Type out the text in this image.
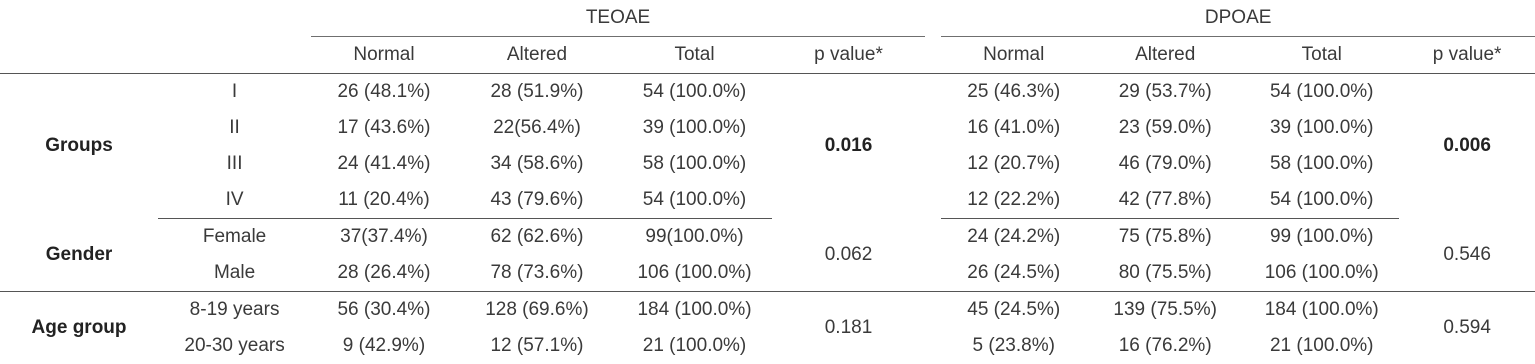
		TEOAE					DPOAE			
		Normal	Altered	Total	p value*		Normal	Altered	Total	p value*
Groups	I	26 (48.1%)	28 (51.9%)	54 (100.0%)	0.016		25 (46.3%)	29 (53.7%)	54 (100.0%)	0.006
	II	17 (43.6%)	22(56.4%)	39 (100.0%)			16 (41.0%)	23 (59.0%)	39 (100.0%)	
	III	24 (41.4%)	34 (58.6%)	58 (100.0%)			12 (20.7%)	46 (79.0%)	58 (100.0%)	
	IV	11 (20.4%)	43 (79.6%)	54 (100.0%)			12 (22.2%)	42 (77.8%)	54 (100.0%)	
Gender	Female	37(37.4%)	62 (62.6%)	99(100.0%)	0.062		24 (24.2%)	75 (75.8%)	99 (100.0%)	0.546
	Male	28 (26.4%)	78 (73.6%)	106 (100.0%)			26 (24.5%)	80 (75.5%)	106 (100.0%)	
Age group	8-19 years	56 (30.4%)	128 (69.6%)	184 (100.0%)	0.181		45 (24.5%)	139 (75.5%)	184 (100.0%)	0.594
	20-30 years	9 (42.9%)	12 (57.1%)	21 (100.0%)			5 (23.8%)	16 (76.2%)	21 (100.0%)	
